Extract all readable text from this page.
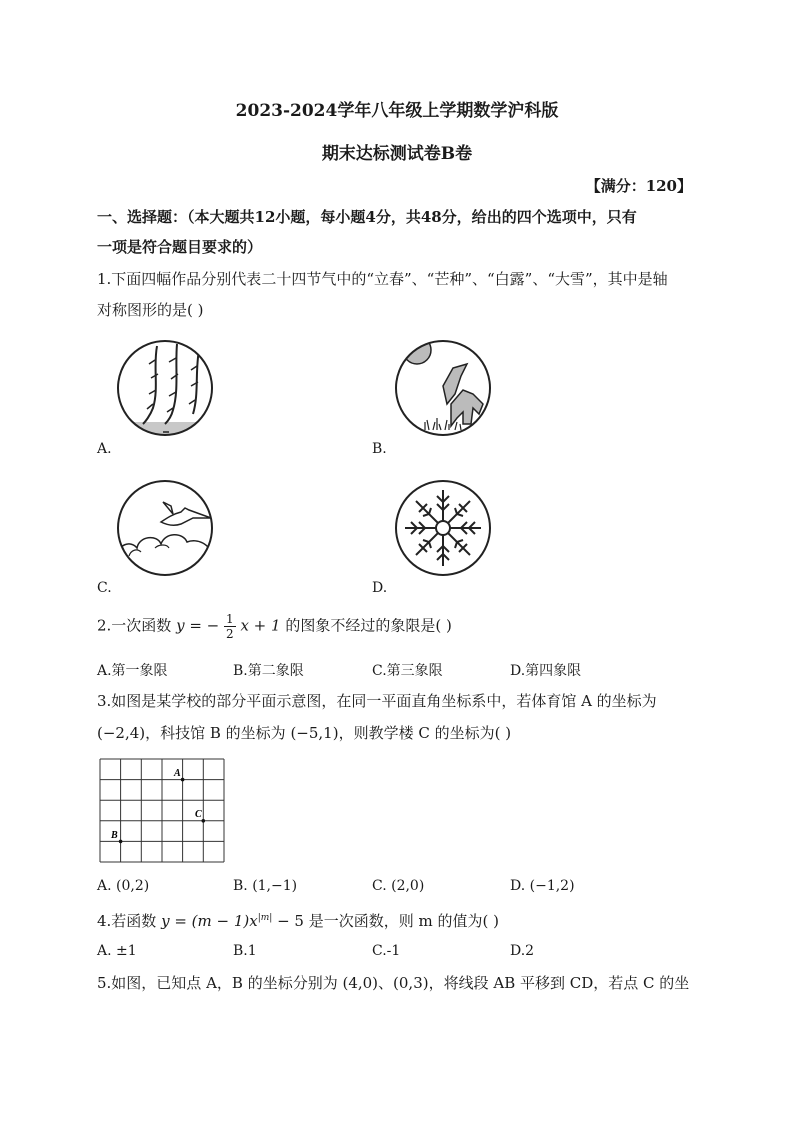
2023-2024学年八年级上学期数学沪科版
期末达标测试卷B卷
【满分：120】
一、选择题：（本大题共12小题，每小题4分，共48分，给出的四个选项中，只有
一项是符合题目要求的）
1.下面四幅作品分别代表二十四节气中的“立春”、“芒种”、“白露”、“大雪”，其中是轴
对称图形的是( )
A.	B.
C.	D.
2.一次函数 y = − $\frac{1}{2}$ x + 1 的图象不经过的象限是( )
A.第一象限	B.第二象限	C.第三象限	D.第四象限
3.如图是某学校的部分平面示意图，在同一平面直角坐标系中，若体育馆 A 的坐标为
(−2,4)，科技馆 B 的坐标为 (−5,1)，则教学楼 C 的坐标为( )
A
B
C
A. (0,2)	B. (1,−1)	C. (2,0)	D. (−1,2)
4.若函数 $y = (m - 1)x^{|m|} - 5$ 是一次函数，则 m 的值为( )
A. ±1	B.1	C.-1	D.2
5.如图，已知点 A，B 的坐标分别为 (4,0)、(0,3)，将线段 AB 平移到 CD，若点 C 的坐
